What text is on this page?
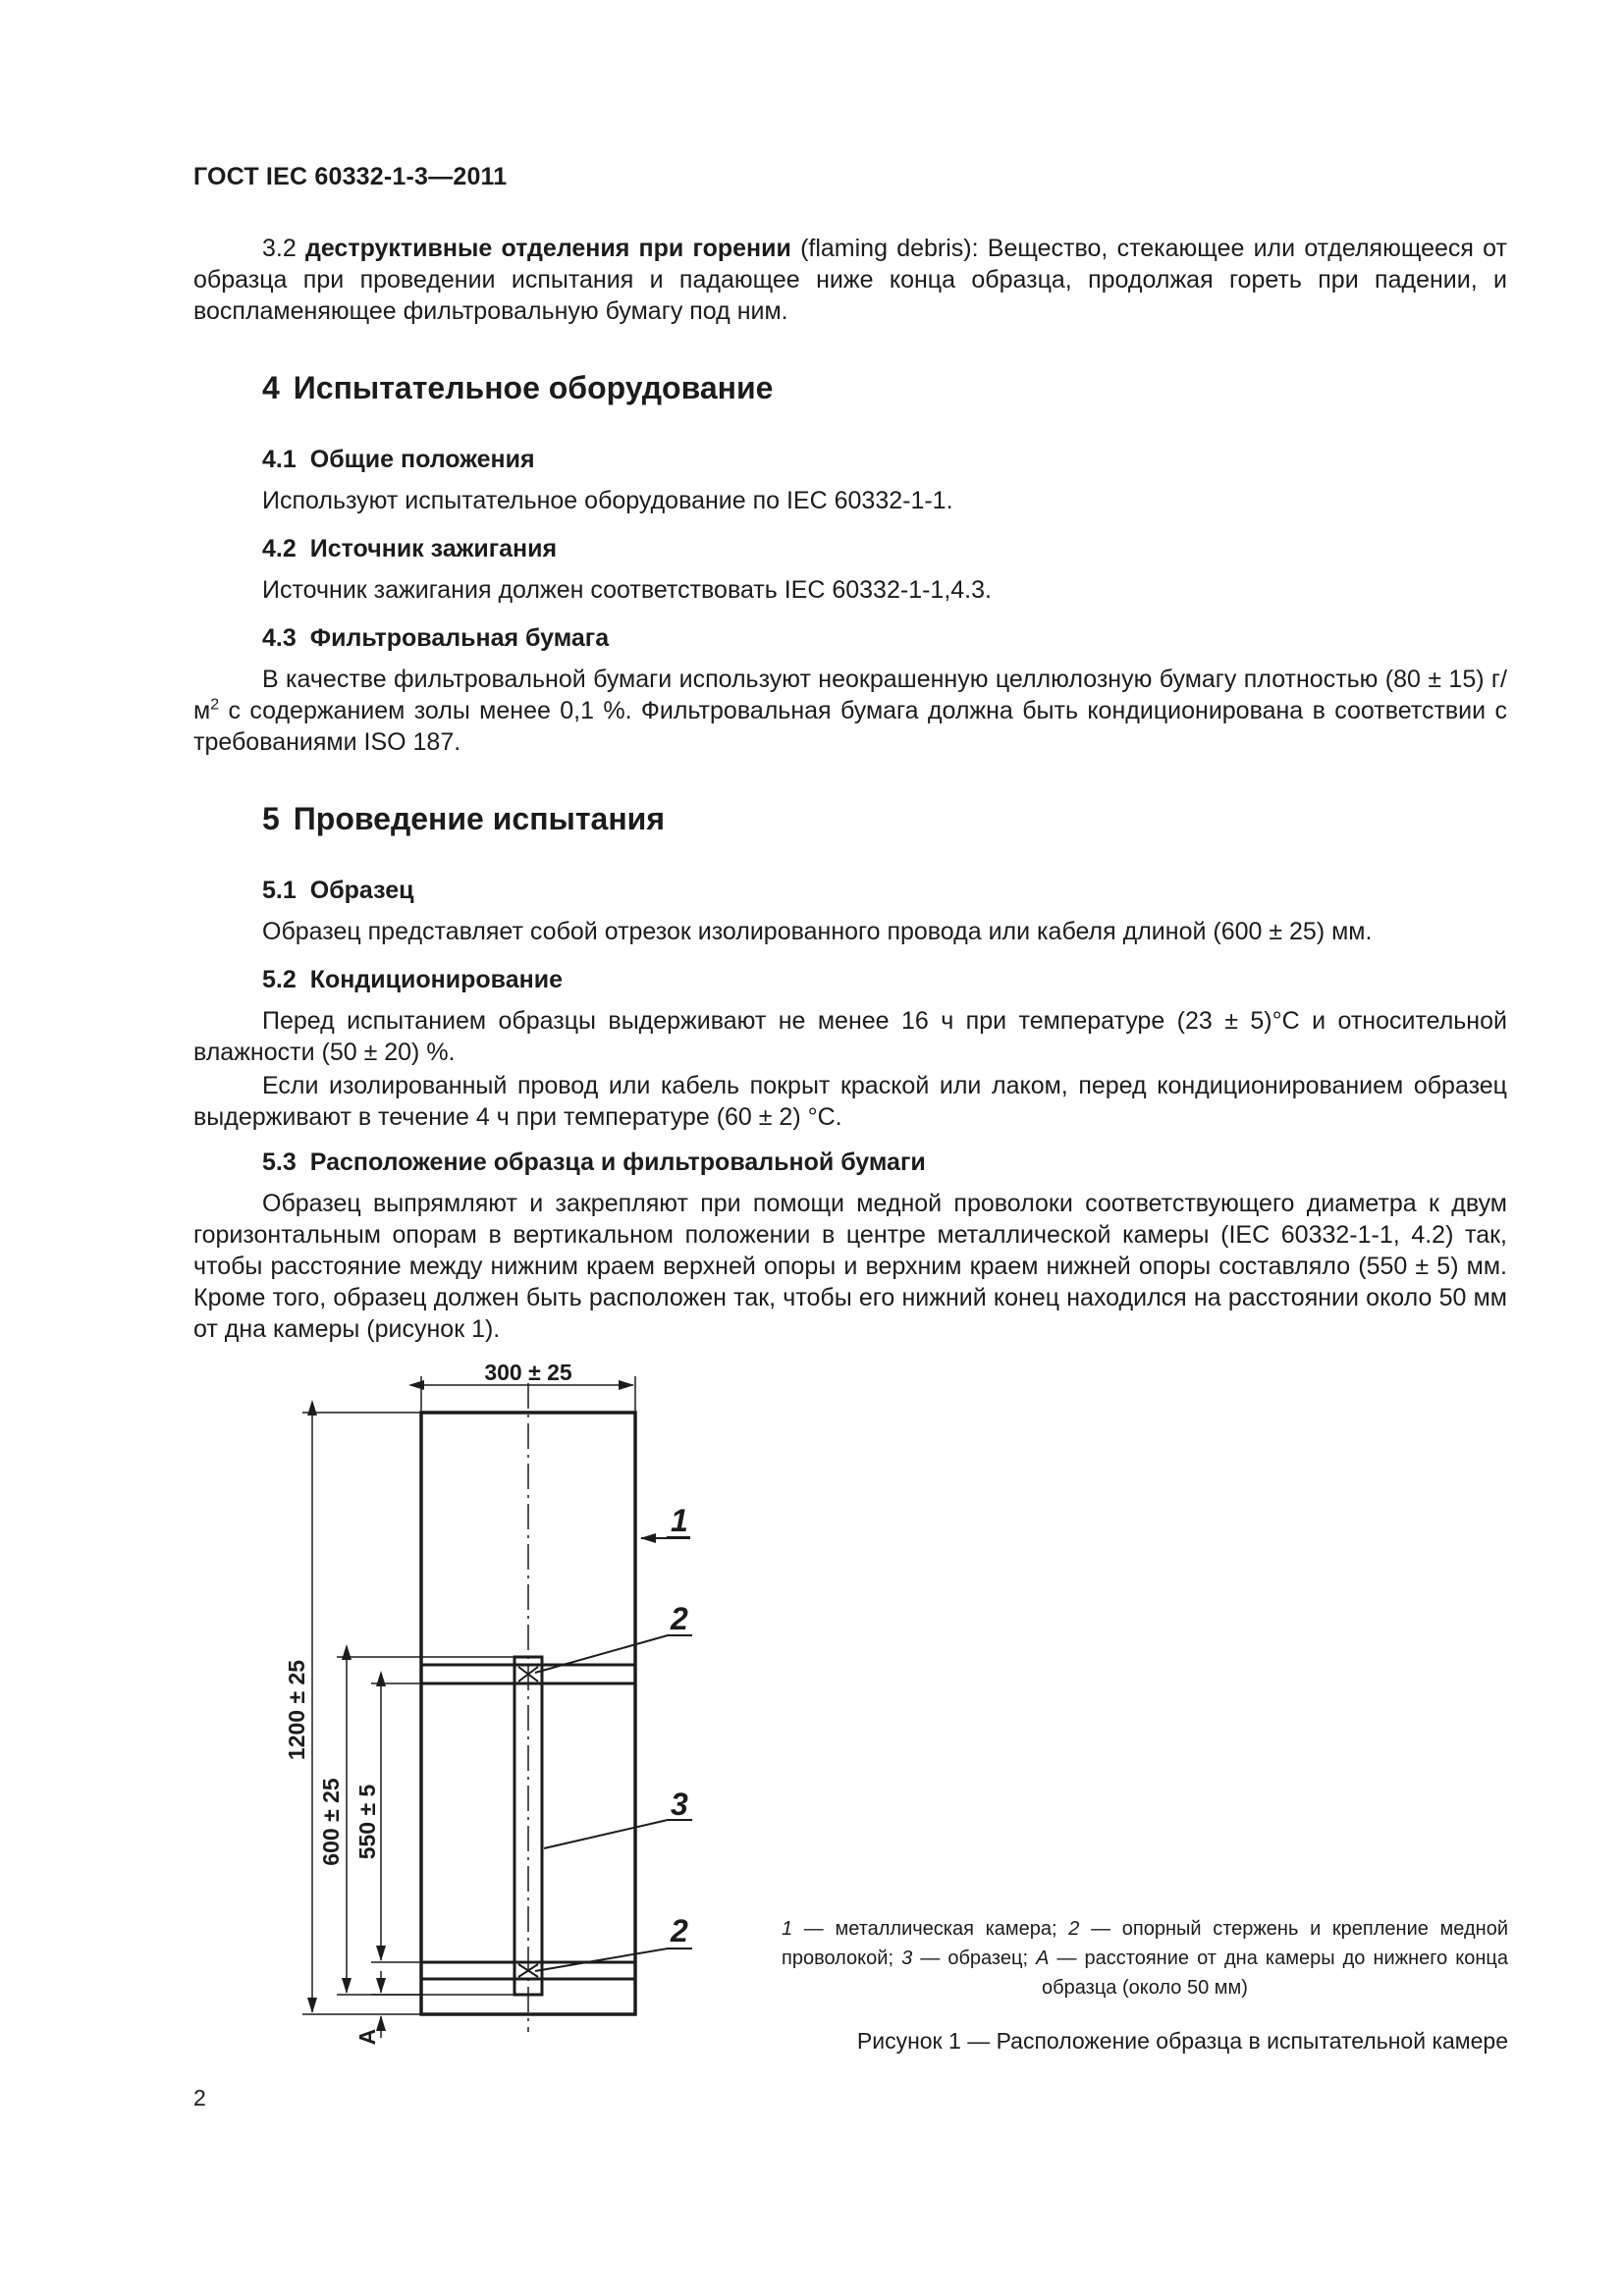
ГОСТ IEC 60332-1-3—2011
3.2 деструктивные отделения при горении (flaming debris): Вещество, стекающее или отделяющееся от образца при проведении испытания и падающее ниже конца образца, продолжая гореть при падении, и воспламеняющее фильтровальную бумагу под ним.
4 Испытательное оборудование
4.1 Общие положения
Используют испытательное оборудование по IEC 60332-1-1.
4.2 Источник зажигания
Источник зажигания должен соответствовать IEC 60332-1-1,4.3.
4.3 Фильтровальная бумага
В качестве фильтровальной бумаги используют неокрашенную целлюлозную бумагу плотностью (80 ± 15) $г/м^2$ с содержанием золы менее 0,1 %. Фильтровальная бумага должна быть кондиционирована в соответствии с требованиями ISO 187.
5 Проведение испытания
5.1 Образец
Образец представляет собой отрезок изолированного провода или кабеля длиной (600 ± 25) мм.
5.2 Кондиционирование
Перед испытанием образцы выдерживают не менее 16 ч при температуре (23 ± 5)°С и относительной влажности (50 ± 20) %.
Если изолированный провод или кабель покрыт краской или лаком, перед кондиционированием образец выдерживают в течение 4 ч при температуре (60 ± 2) °С.
5.3 Расположение образца и фильтровальной бумаги
Образец выпрямляют и закрепляют при помощи медной проволоки соответствующего диаметра к двум горизонтальным опорам в вертикальном положении в центре металлической камеры (IEC 60332-1-1, 4.2) так, чтобы расстояние между нижним краем верхней опоры и верхним краем нижней опоры составляло (550 ± 5) мм. Кроме того, образец должен быть расположен так, чтобы его нижний конец находился на расстоянии около 50 мм от дна камеры (рисунок 1).
300 ± 25
1200 ± 25
600 ± 25 550 ± 5
A
1
2
3
2	1 — металлическая камера; 2 — опорный стержень и крепление медной проволокой; 3 — образец; A — расстояние от дна камеры до нижнего конца образца (около 50 мм)
Рисунок 1 — Расположение образца в испытательной камере
2
